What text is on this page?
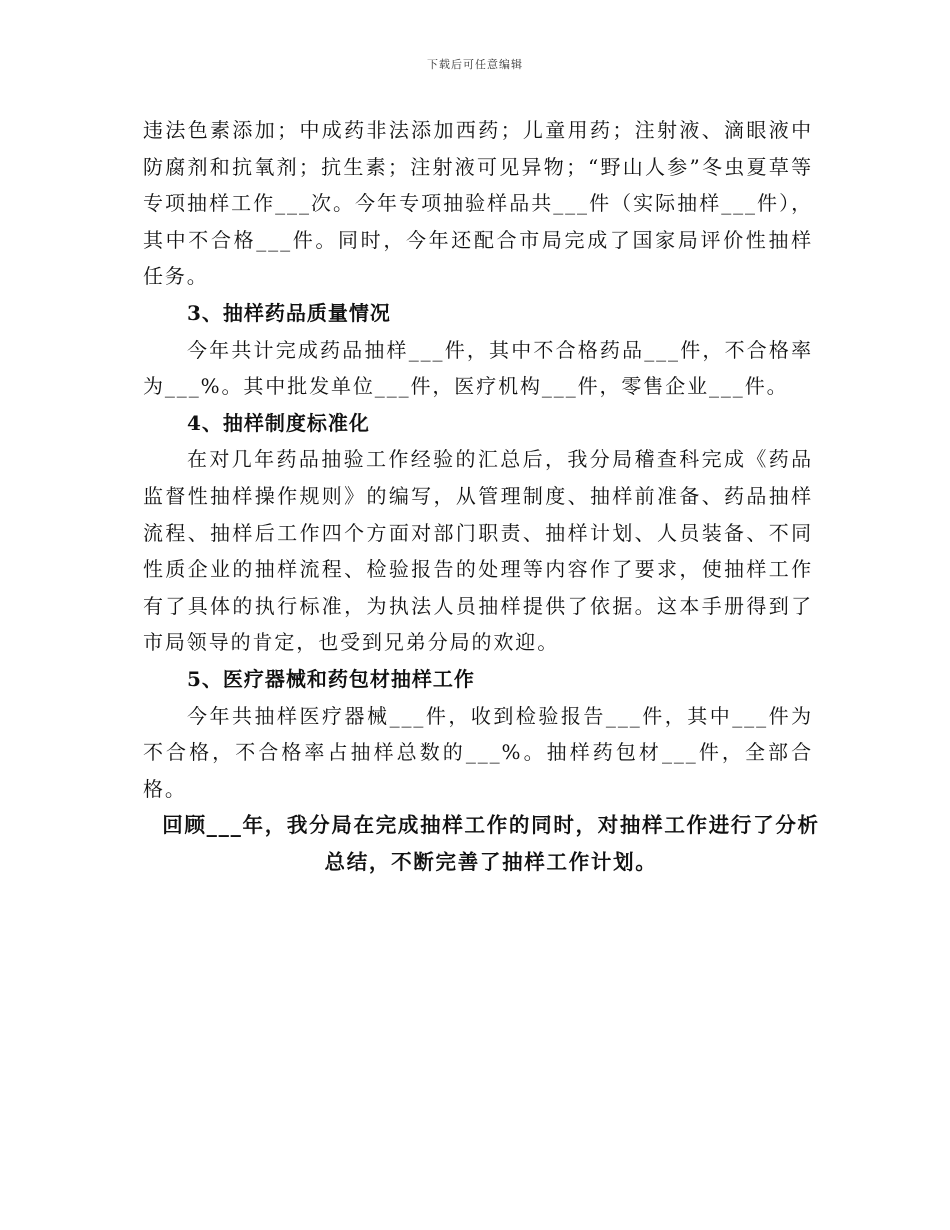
下载后可任意编辑

违法色素添加；中成药非法添加西药；儿童用药；注射液、滴眼液中防腐剂和抗氧剂；抗生素；注射液可见异物；“野山人参”冬虫夏草等专项抽样工作___次。今年专项抽验样品共___件（实际抽样___件），其中不合格___件。同时，今年还配合市局完成了国家局评价性抽样任务。

3、抽样药品质量情况

今年共计完成药品抽样___件，其中不合格药品___件，不合格率为___%。其中批发单位___件，医疗机构___件，零售企业___件。

4、抽样制度标准化

在对几年药品抽验工作经验的汇总后，我分局稽查科完成《药品监督性抽样操作规则》的编写，从管理制度、抽样前准备、药品抽样流程、抽样后工作四个方面对部门职责、抽样计划、人员装备、不同性质企业的抽样流程、检验报告的处理等内容作了要求，使抽样工作有了具体的执行标准，为执法人员抽样提供了依据。这本手册得到了市局领导的肯定，也受到兄弟分局的欢迎。

5、医疗器械和药包材抽样工作

今年共抽样医疗器械___件，收到检验报告___件，其中___件为不合格，不合格率占抽样总数的___%。抽样药包材___件，全部合格。

回顾___年，我分局在完成抽样工作的同时，对抽样工作进行了分析总结，不断完善了抽样工作计划。
